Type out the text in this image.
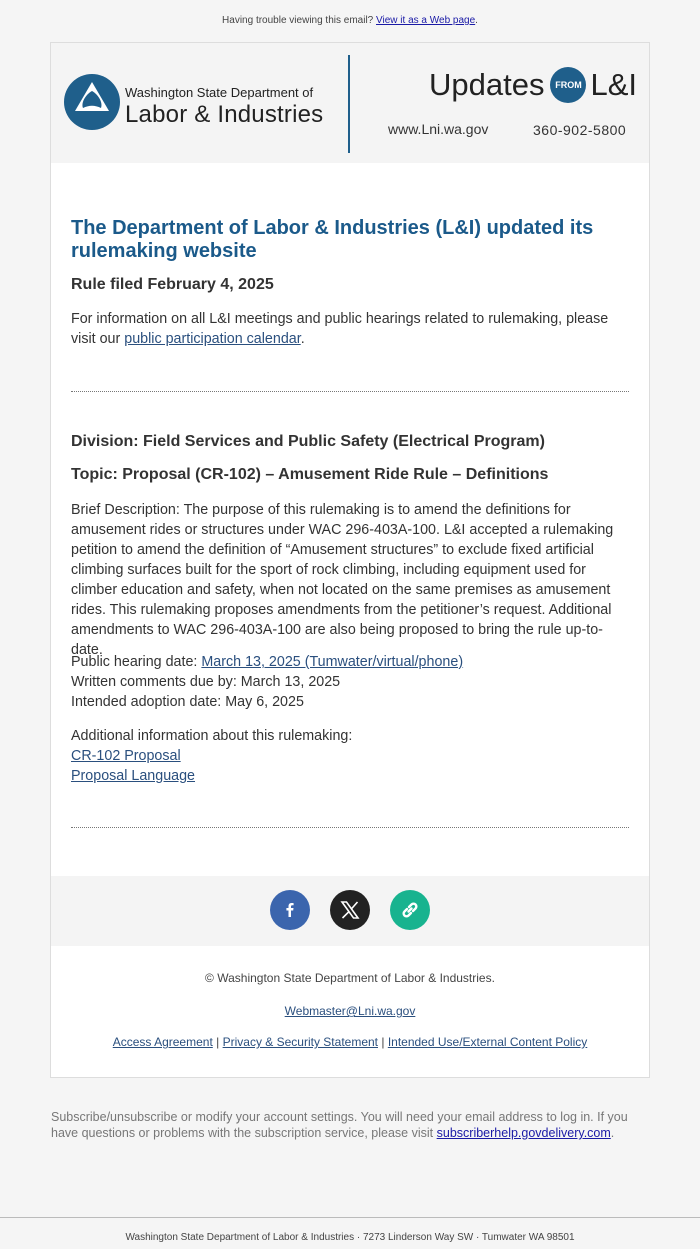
Having trouble viewing this email? View it as a Web page.
Washington State Department of
Labor & Industries
Updates	FROM L&I
www.Lni.wa.gov	360-902-5800
The Department of Labor & Industries (L&I) updated its rulemaking website

Rule filed February 4, 2025

For information on all L&I meetings and public hearings related to rulemaking, please visit our public participation calendar.

Division: Field Services and Public Safety (Electrical Program)

Topic: Proposal (CR-102) – Amusement Ride Rule – Definitions

Brief Description: The purpose of this rulemaking is to amend the definitions for amusement rides or structures under WAC 296-403A-100. L&I accepted a rulemaking petition to amend the definition of “Amusement structures” to exclude fixed artificial climbing surfaces built for the sport of rock climbing, including equipment used for climber education and safety, when not located on the same premises as amusement rides. This rulemaking proposes amendments from the petitioner’s request. Additional amendments to WAC 296-403A-100 are also being proposed to bring the rule up-to-date.

Public hearing date: March 13, 2025 (Tumwater/virtual/phone)
Written comments due by: March 13, 2025
Intended adoption date: May 6, 2025
Additional information about this rulemaking:
CR-102 Proposal
Proposal Language
© Washington State Department of Labor & Industries.
Webmaster@Lni.wa.gov
Access Agreement | Privacy & Security Statement | Intended Use/External Content Policy
Subscribe/unsubscribe or modify your account settings. You will need your email address to log in. If you have questions or problems with the subscription service, please visit subscriberhelp.govdelivery.com.
Washington State Department of Labor & Industries · 7273 Linderson Way SW · Tumwater WA 98501
